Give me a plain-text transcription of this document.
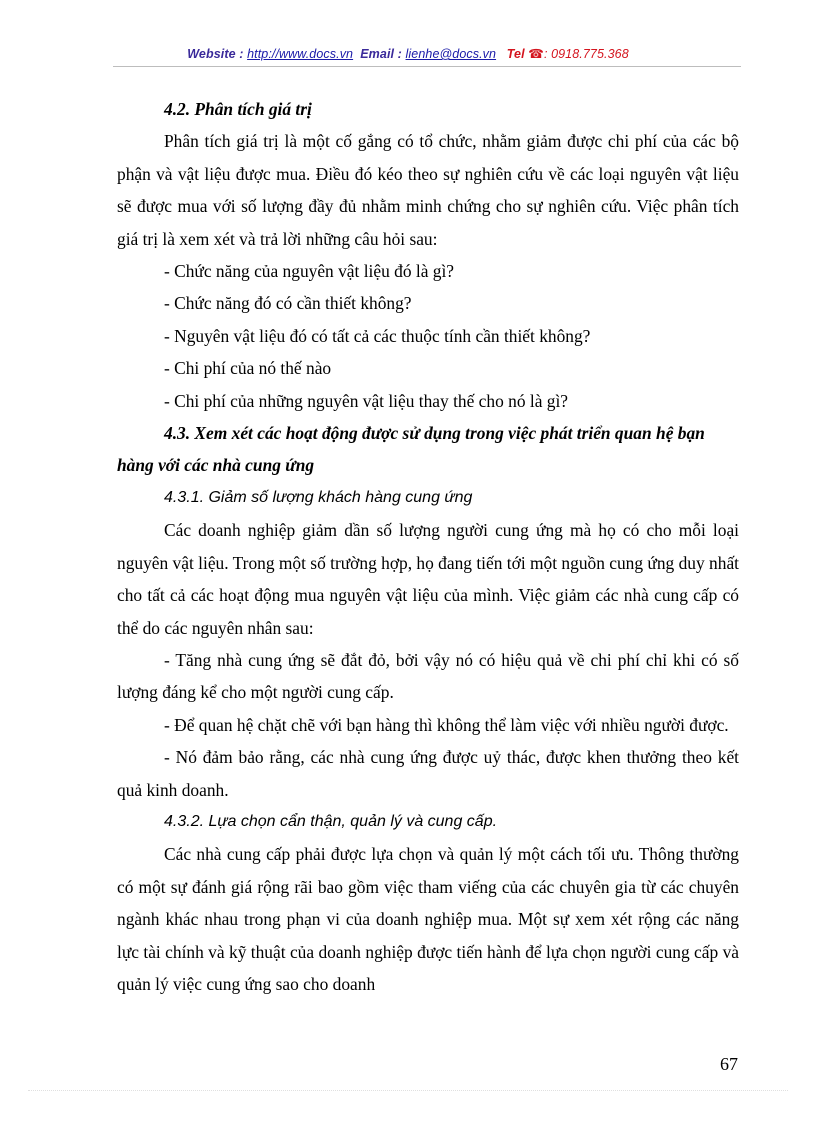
Website : http://www.docs.vn Email : lienhe@docs.vn Tel ☎: 0918.775.368

4.2. Phân tích giá trị

Phân tích giá trị là một cố gắng có tổ chức, nhằm giảm được chi phí của các bộ phận và vật liệu được mua. Điều đó kéo theo sự nghiên cứu về các loại nguyên vật liệu sẽ được mua với số lượng đầy đủ nhằm minh chứng cho sự nghiên cứu. Việc phân tích giá trị là xem xét và trả lời những câu hỏi sau:

- Chức năng của nguyên vật liệu đó là gì?

- Chức năng đó có cần thiết không?

- Nguyên vật liệu đó có tất cả các thuộc tính cần thiết không?

- Chi phí của nó thế nào

- Chi phí của những nguyên vật liệu thay thế cho nó là gì?

4.3. Xem xét các hoạt động được sử dụng trong việc phát triển quan hệ bạn hàng với các nhà cung ứng

4.3.1. Giảm số lượng khách hàng cung ứng

Các doanh nghiệp giảm dần số lượng người cung ứng mà họ có cho mỗi loại nguyên vật liệu. Trong một số trường hợp, họ đang tiến tới một nguồn cung ứng duy nhất cho tất cả các hoạt động mua nguyên vật liệu của mình. Việc giảm các nhà cung cấp có thể do các nguyên nhân sau:

- Tăng nhà cung ứng sẽ đắt đỏ, bởi vậy nó có hiệu quả về chi phí chỉ khi có số lượng đáng kể cho một người cung cấp.

- Để quan hệ chặt chẽ với bạn hàng thì không thể làm việc với nhiều người được.

- Nó đảm bảo rằng, các nhà cung ứng được uỷ thác, được khen thưởng theo kết quả kinh doanh.

4.3.2. Lựa chọn cẩn thận, quản lý và cung cấp.

Các nhà cung cấp phải được lựa chọn và quản lý một cách tối ưu. Thông thường có một sự đánh giá rộng rãi bao gồm việc tham viếng của các chuyên gia từ các chuyên ngành khác nhau trong phạn vi của doanh nghiệp mua. Một sự xem xét rộng các năng lực tài chính và kỹ thuật của doanh nghiệp được tiến hành để lựa chọn người cung cấp và quản lý việc cung ứng sao cho doanh

67
